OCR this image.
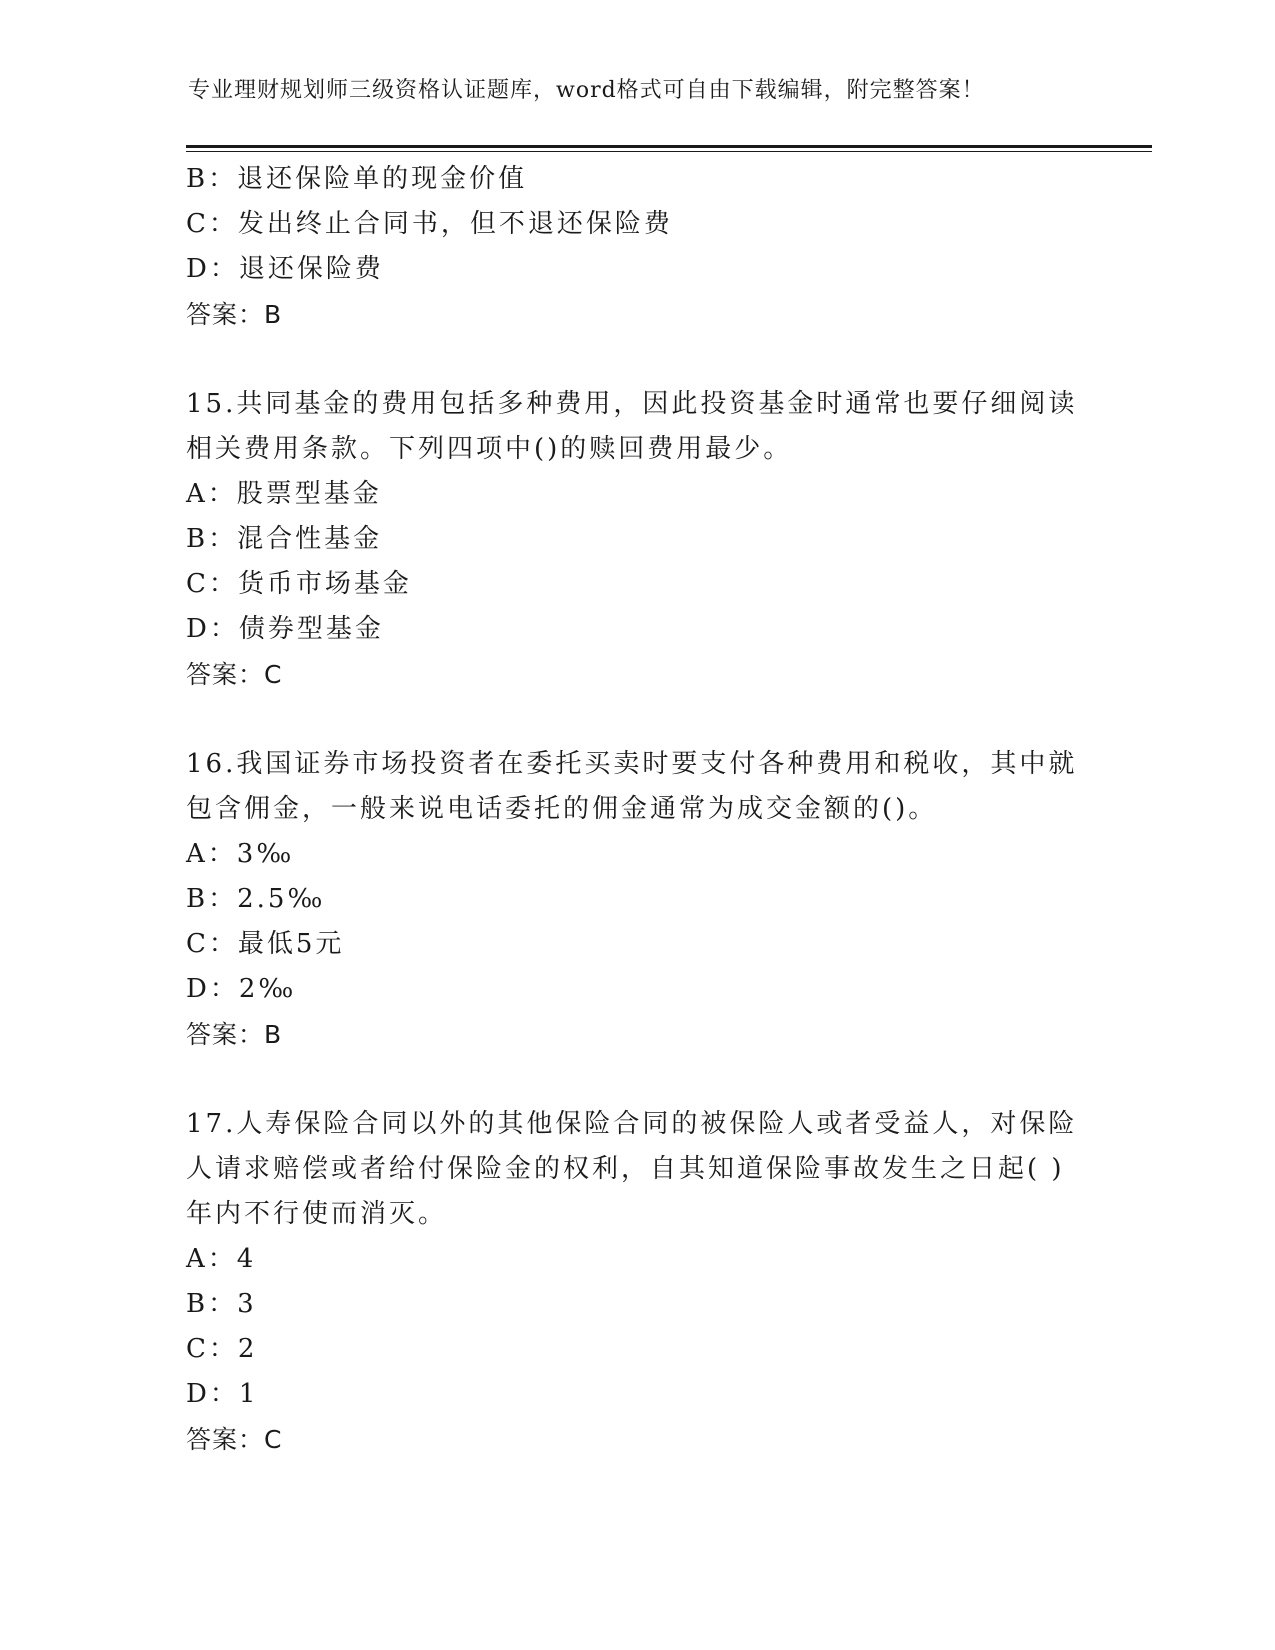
专业理财规划师三级资格认证题库，word格式可自由下载编辑，附完整答案！
B：退还保险单的现金价值
C：发出终止合同书，但不退还保险费
D：退还保险费
答案：B
15.共同基金的费用包括多种费用，因此投资基金时通常也要仔细阅读
相关费用条款。下列四项中()的赎回费用最少。
A：股票型基金
B：混合性基金
C：货币市场基金
D：债券型基金
答案：C
16.我国证券市场投资者在委托买卖时要支付各种费用和税收，其中就
包含佣金，一般来说电话委托的佣金通常为成交金额的()。
A：3‰
B：2.5‰
C：最低5元
D：2‰
答案：B
17.人寿保险合同以外的其他保险合同的被保险人或者受益人，对保险
人请求赔偿或者给付保险金的权利，自其知道保险事故发生之日起( )
年内不行使而消灭。
A：4
B：3
C：2
D：1
答案：C
